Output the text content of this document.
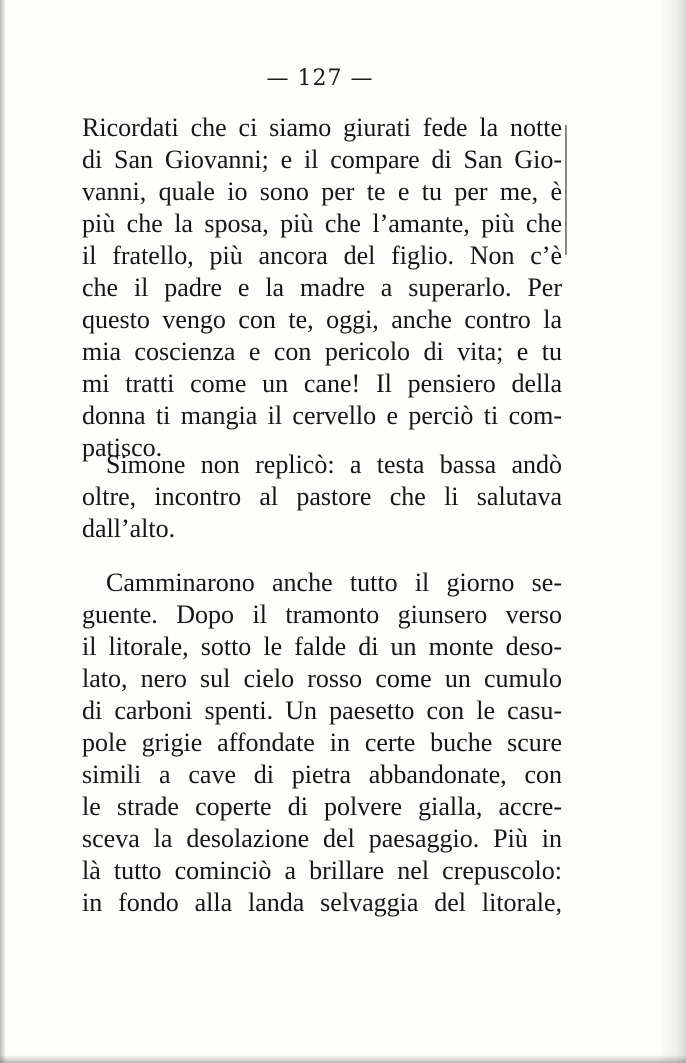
— 127 —
Ricordati che ci siamo giurati fede la notte
di San Giovanni; e il compare di San Gio-
vanni, quale io sono per te e tu per me, è
più che la sposa, più che l’amante, più che
il fratello, più ancora del figlio. Non c’è
che il padre e la madre a superarlo. Per
questo vengo con te, oggi, anche contro la
mia coscienza e con pericolo di vita; e tu
mi tratti come un cane! Il pensiero della
donna ti mangia il cervello e perciò ti com-
patisco.
Simone non replicò: a testa bassa andò
oltre, incontro al pastore che li salutava
dall’alto.
Camminarono anche tutto il giorno se-
guente. Dopo il tramonto giunsero verso
il litorale, sotto le falde di un monte deso-
lato, nero sul cielo rosso come un cumulo
di carboni spenti. Un paesetto con le casu-
pole grigie affondate in certe buche scure
simili a cave di pietra abbandonate, con
le strade coperte di polvere gialla, accre-
sceva la desolazione del paesaggio. Più in
là tutto cominciò a brillare nel crepuscolo:
in fondo alla landa selvaggia del litorale,
